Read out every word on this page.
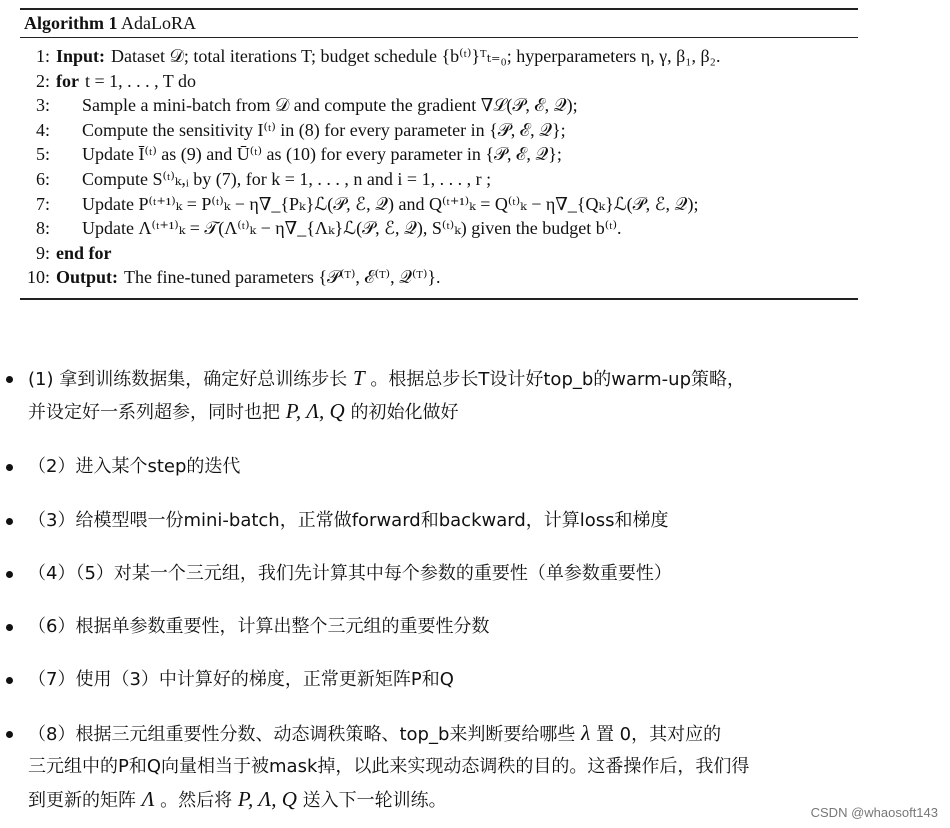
Algorithm 1 AdaLoRA
1: Input: Dataset 𝒟; total iterations T; budget schedule {b⁽ᵗ⁾}ᵀₜ₌₀; hyperparameters η, γ, β₁, β₂.
2: for t = 1, . . . , T do
3:	Sample a mini-batch from 𝒟 and compute the gradient ∇ℒ(𝒫, ℰ, 𝒬);
4:	Compute the sensitivity I⁽ᵗ⁾ in (8) for every parameter in {𝒫, ℰ, 𝒬};
5:	Update Ī⁽ᵗ⁾ as (9) and Ū⁽ᵗ⁾ as (10) for every parameter in {𝒫, ℰ, 𝒬};
6:	Compute S⁽ᵗ⁾ₖ,ᵢ by (7), for k = 1, . . . , n and i = 1, . . . , r ;
7:	Update P⁽ᵗ⁺¹⁾ₖ = P⁽ᵗ⁾ₖ − η∇_{Pₖ}ℒ(𝒫, ℰ, 𝒬) and Q⁽ᵗ⁺¹⁾ₖ = Q⁽ᵗ⁾ₖ − η∇_{Qₖ}ℒ(𝒫, ℰ, 𝒬);
8:	Update Λ⁽ᵗ⁺¹⁾ₖ = 𝒯(Λ⁽ᵗ⁾ₖ − η∇_{Λₖ}ℒ(𝒫, ℰ, 𝒬), S⁽ᵗ⁾ₖ) given the budget b⁽ᵗ⁾.
9: end for
10: Output: The fine-tuned parameters {𝒫⁽ᵀ⁾, ℰ⁽ᵀ⁾, 𝒬⁽ᵀ⁾}.
(1) 拿到训练数据集，确定好总训练步长 T 。根据总步长T设计好top_b的warm-up策略，
并设定好一系列超参，同时也把 P, Λ, Q 的初始化做好
（2）进入某个step的迭代
（3）给模型喂一份mini-batch，正常做forward和backward，计算loss和梯度
（4）（5）对某一个三元组，我们先计算其中每个参数的重要性（单参数重要性）
（6）根据单参数重要性，计算出整个三元组的重要性分数
（7）使用（3）中计算好的梯度，正常更新矩阵P和Q
（8）根据三元组重要性分数、动态调秩策略、top_b来判断要给哪些 λ 置 0，其对应的
三元组中的P和Q向量相当于被mask掉，以此来实现动态调秩的目的。这番操作后，我们得
到更新的矩阵 Λ 。然后将 P, Λ, Q 送入下一轮训练。
CSDN @whaosoft143
